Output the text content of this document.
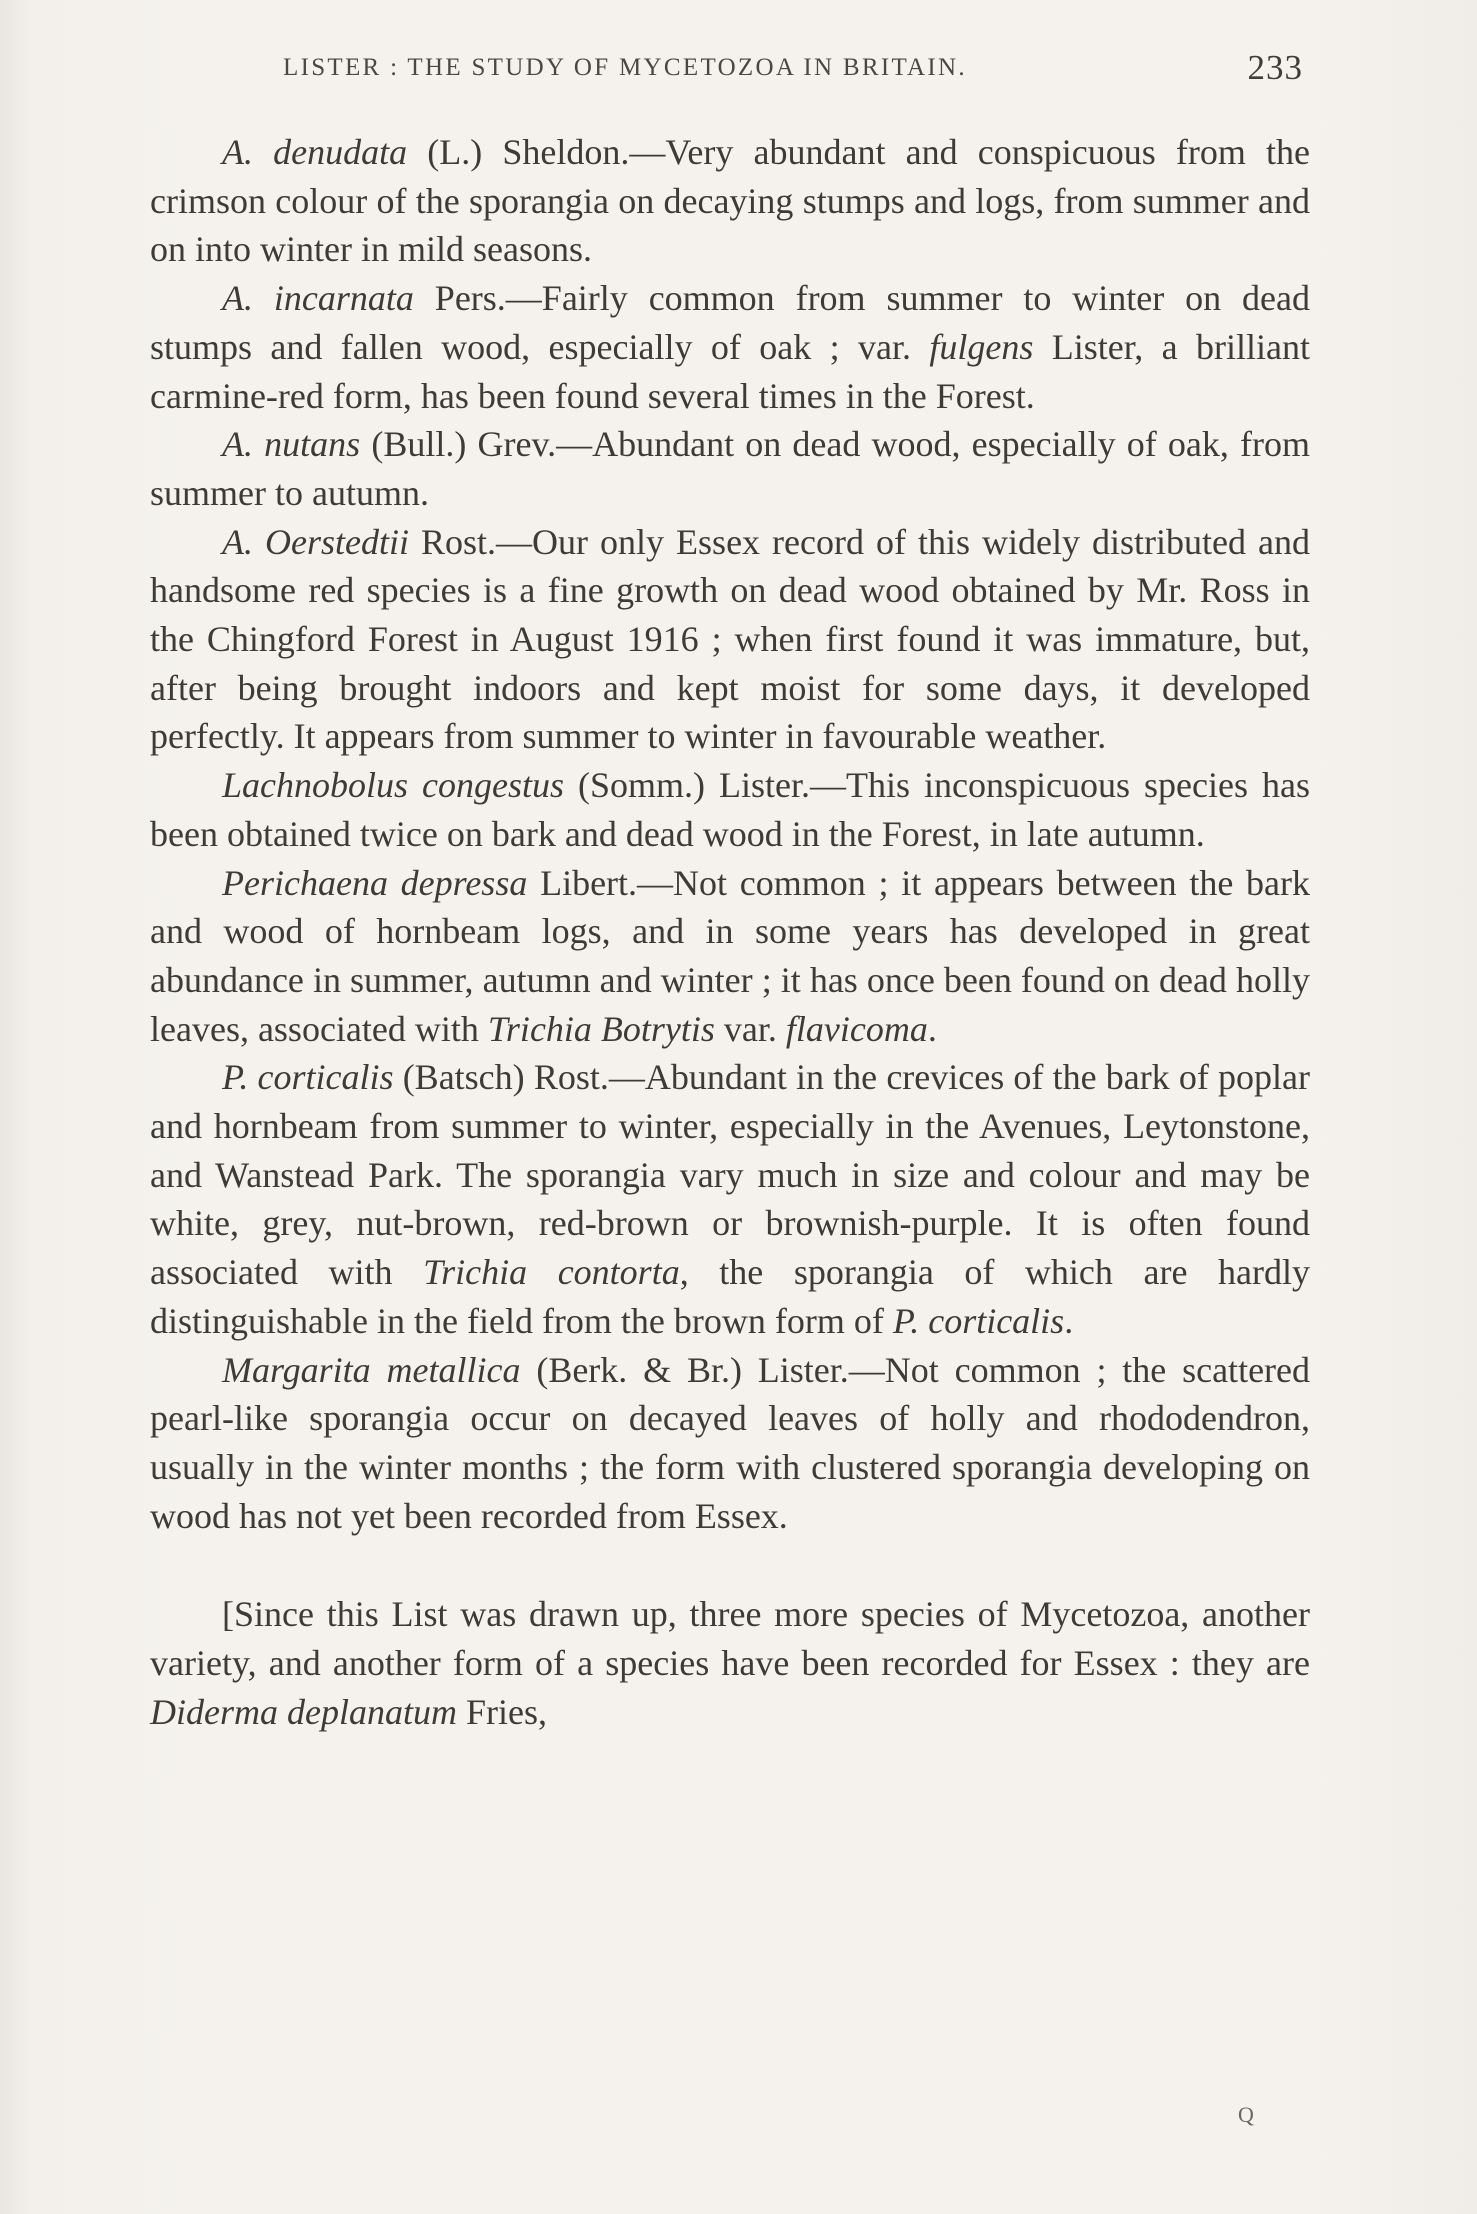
LISTER : THE STUDY OF MYCETOZOA IN BRITAIN.	233

A. denudata (L.) Sheldon.—Very abundant and conspicuous from the crimson colour of the sporangia on decaying stumps and logs, from summer and on into winter in mild seasons.

A. incarnata Pers.—Fairly common from summer to winter on dead stumps and fallen wood, especially of oak ; var. fulgens Lister, a brilliant carmine-red form, has been found several times in the Forest.

A. nutans (Bull.) Grev.—Abundant on dead wood, especially of oak, from summer to autumn.

A. Oerstedtii Rost.—Our only Essex record of this widely distributed and handsome red species is a fine growth on dead wood obtained by Mr. Ross in the Chingford Forest in August 1916 ; when first found it was immature, but, after being brought indoors and kept moist for some days, it developed perfectly. It appears from summer to winter in favourable weather.

Lachnobolus congestus (Somm.) Lister.—This inconspicuous species has been obtained twice on bark and dead wood in the Forest, in late autumn.

Perichaena depressa Libert.—Not common ; it appears between the bark and wood of hornbeam logs, and in some years has developed in great abundance in summer, autumn and winter ; it has once been found on dead holly leaves, associated with Trichia Botrytis var. flavicoma.

P. corticalis (Batsch) Rost.—Abundant in the crevices of the bark of poplar and hornbeam from summer to winter, especially in the Avenues, Leytonstone, and Wanstead Park. The sporangia vary much in size and colour and may be white, grey, nut-brown, red-brown or brownish-purple. It is often found associated with Trichia contorta, the sporangia of which are hardly distinguishable in the field from the brown form of P. corticalis.

Margarita metallica (Berk. & Br.) Lister.—Not common ; the scattered pearl-like sporangia occur on decayed leaves of holly and rhododendron, usually in the winter months ; the form with clustered sporangia developing on wood has not yet been recorded from Essex.

[Since this List was drawn up, three more species of Mycetozoa, another variety, and another form of a species have been recorded for Essex : they are Diderma deplanatum Fries,

Q
